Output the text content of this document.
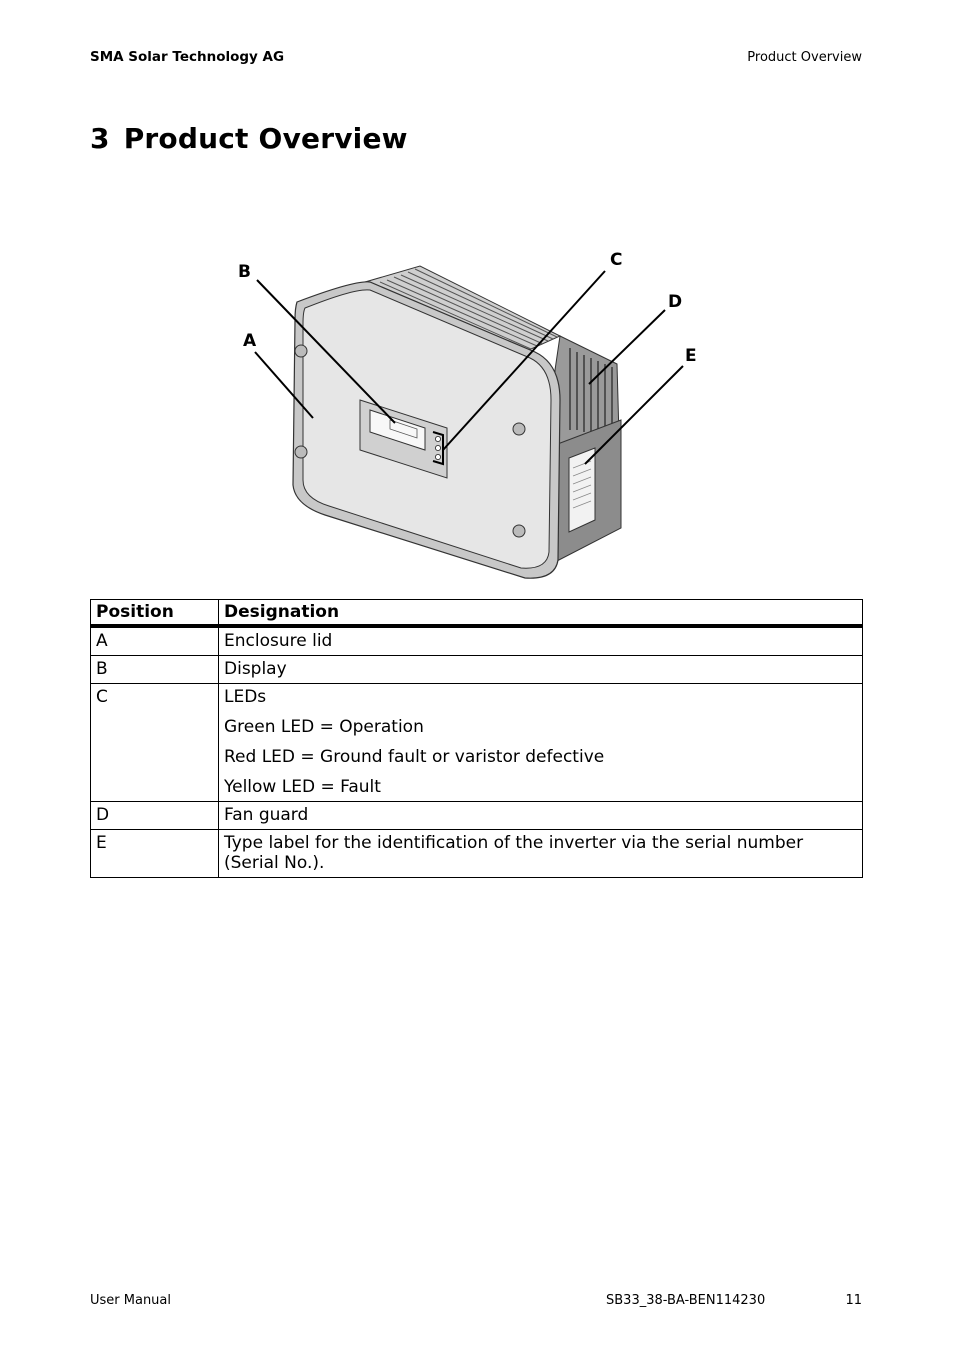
SMA Solar Technology AG	Product Overview
3 Product Overview
B
A
C
D
E
Position	Designation
A	Enclosure lid

B	Display

C	LEDs
Green LED = Operation
Red LED = Ground fault or varistor defective
Yellow LED = Fault

D	Fan guard

E	Type label for the identification of the inverter via the serial number (Serial No.).
User Manual	SB33_38-BA-BEN114230	11
